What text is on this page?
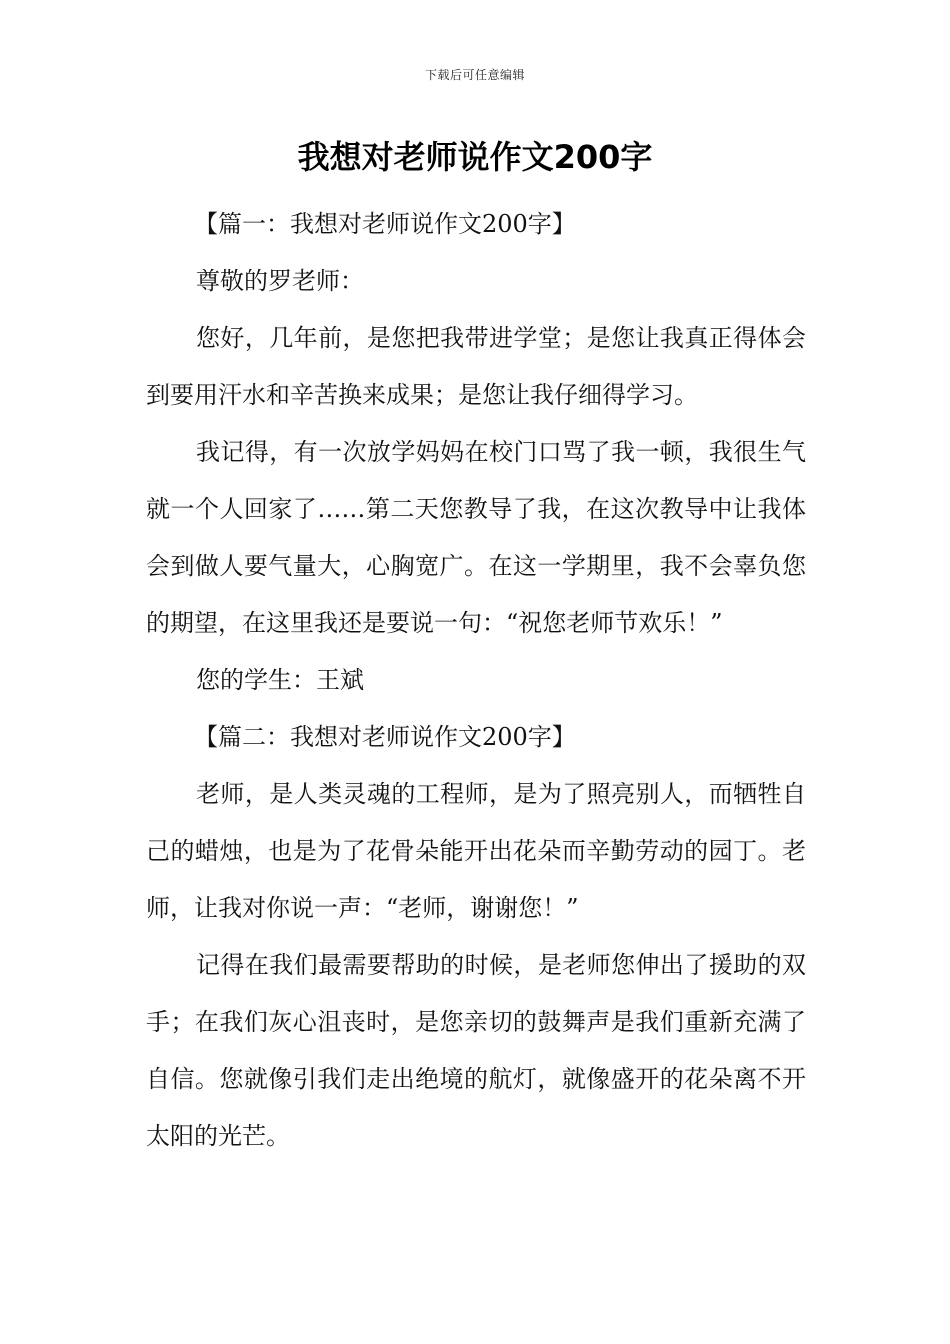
下载后可任意编辑
我想对老师说作文200字

【篇一：我想对老师说作文200字】

尊敬的罗老师：

您好，几年前，是您把我带进学堂；是您让我真正得体会到要用汗水和辛苦换来成果；是您让我仔细得学习。

我记得，有一次放学妈妈在校门口骂了我一顿，我很生气就一个人回家了……第二天您教导了我，在这次教导中让我体会到做人要气量大，心胸宽广。在这一学期里，我不会辜负您的期望，在这里我还是要说一句：“祝您老师节欢乐！”

您的学生：王斌

【篇二：我想对老师说作文200字】

老师，是人类灵魂的工程师，是为了照亮别人，而牺牲自己的蜡烛，也是为了花骨朵能开出花朵而辛勤劳动的园丁。老师，让我对你说一声：“老师，谢谢您！”

记得在我们最需要帮助的时候，是老师您伸出了援助的双手；在我们灰心沮丧时，是您亲切的鼓舞声是我们重新充满了自信。您就像引我们走出绝境的航灯，就像盛开的花朵离不开太阳的光芒。
